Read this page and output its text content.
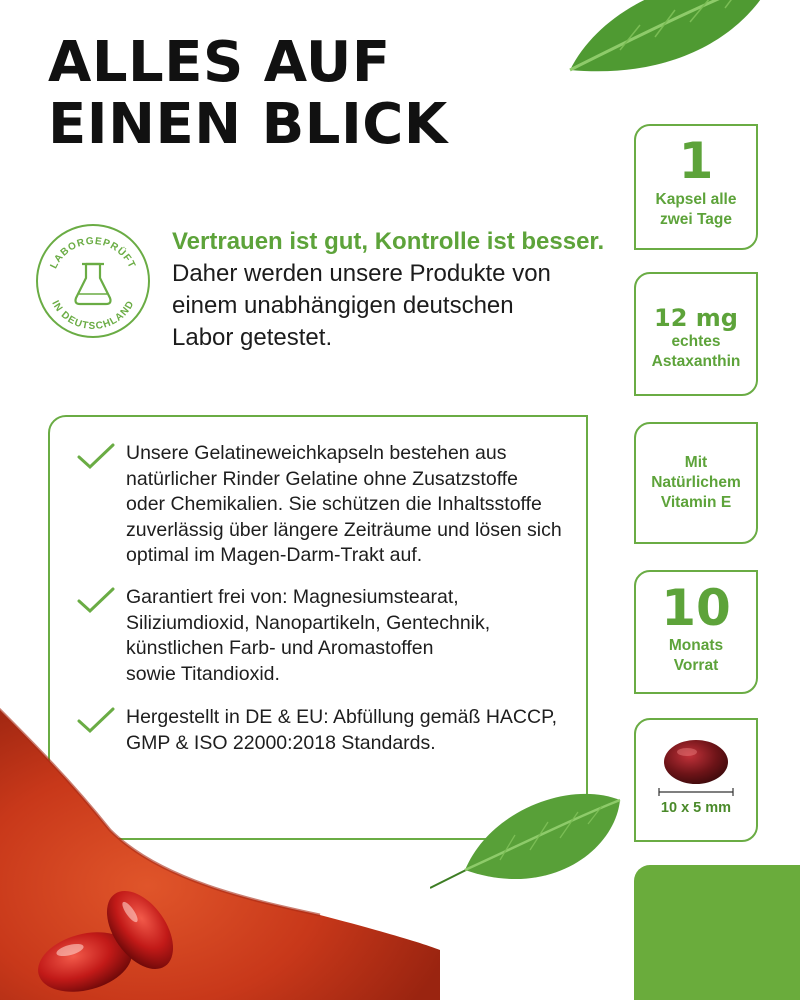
ALLES AUF
EINEN BLICK
LABORGEPRÜFT
IN DEUTSCHLAND
Vertrauen ist gut, Kontrolle ist besser.
Daher werden unsere Produkte von
einem unabhängigen deutschen
Labor getestet.
Unsere Gelatineweichkapseln bestehen aus
natürlicher Rinder Gelatine ohne Zusatzstoffe
oder Chemikalien. Sie schützen die Inhaltsstoffe
zuverlässig über längere Zeiträume und lösen sich
optimal im Magen-Darm-Trakt auf.
Garantiert frei von: Magnesiumstearat,
Siliziumdioxid, Nanopartikeln, Gentechnik,
künstlichen Farb- und Aromastoffen
sowie Titandioxid.
Hergestellt in DE & EU: Abfüllung gemäß HACCP,
GMP & ISO 22000:2018 Standards.
1
Kapsel alle
zwei Tage
12 mg
echtes
Astaxanthin
Mit
Natürlichem
Vitamin E
10
Monats
Vorrat
10 x 5 mm
